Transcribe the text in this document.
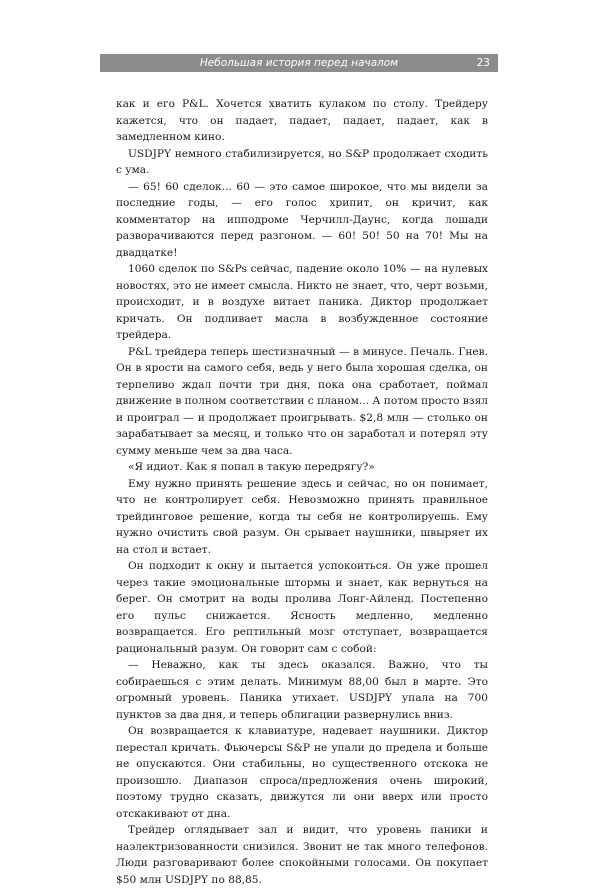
Небольшая история перед началом	23

как и его P&L. Хочется хватить кулаком по столу. Трейдеру кажется, что он падает, падает, падает, падает, как в замедленном кино.

USDJPY немного стабилизируется, но S&P продолжает сходить с ума.

— 65! 60 сделок... 60 — это самое широкое, что мы видели за последние годы, — его голос хрипит, он кричит, как комментатор на ипподроме Черчилл-Даунс, когда лошади разворачиваются перед разгоном. — 60! 50! 50 на 70! Мы на двадцатке!

1060 сделок по S&Ps сейчас, падение около 10% — на нулевых новостях, это не имеет смысла. Никто не знает, что, черт возьми, происходит, и в воздухе витает паника. Диктор продолжает кричать. Он подливает масла в возбужденное состояние трейдера.

P&L трейдера теперь шестизначный — в минусе. Печаль. Гнев. Он в ярости на самого себя, ведь у него была хорошая сделка, он терпеливо ждал почти три дня, пока она сработает, поймал движение в полном соответствии с планом... А потом просто взял и проиграл — и продолжает проигрывать. $2,8 млн — столько он зарабатывает за месяц, и только что он заработал и потерял эту сумму меньше чем за два часа.

«Я идиот. Как я попал в такую передрягу?»

Ему нужно принять решение здесь и сейчас, но он понимает, что не контролирует себя. Невозможно принять правильное трейдинговое решение, когда ты себя не контролируешь. Ему нужно очистить свой разум. Он срывает наушники, швыряет их на стол и встает.

Он подходит к окну и пытается успокоиться. Он уже прошел через такие эмоциональные штормы и знает, как вернуться на берег. Он смотрит на воды пролива Лонг-Айленд. Постепенно его пульс снижается. Ясность медленно, медленно возвращается. Его рептильный мозг отступает, возвращается рациональный разум. Он говорит сам с собой:

— Неважно, как ты здесь оказался. Важно, что ты собираешься с этим делать. Минимум 88,00 был в марте. Это огромный уровень. Паника утихает. USDJPY упала на 700 пунктов за два дня, и теперь облигации развернулись вниз.

Он возвращается к клавиатуре, надевает наушники. Диктор перестал кричать. Фьючерсы S&P не упали до предела и больше не опускаются. Они стабильны, но существенного отскока не произошло. Диапазон спроса/предложения очень широкий, поэтому трудно сказать, движутся ли они вверх или просто отскакивают от дна.

Трейдер оглядывает зал и видит, что уровень паники и наэлектризованности снизился. Звонит не так много телефонов. Люди разговаривают более спокойными голосами. Он покупает $50 млн USDJPY по 88,85.
